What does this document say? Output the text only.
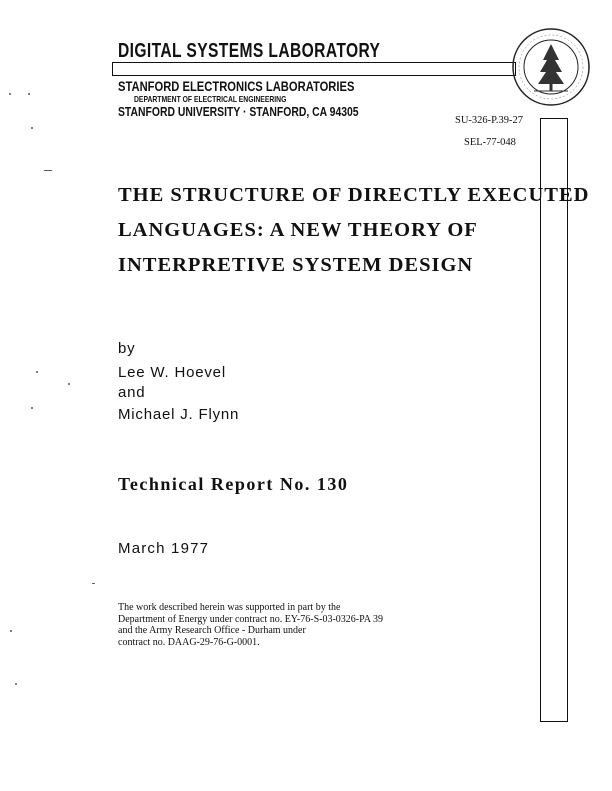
DIGITAL SYSTEMS LABORATORY
STANFORD ELECTRONICS LABORATORIES
DEPARTMENT OF ELECTRICAL ENGINEERING
STANFORD UNIVERSITY · STANFORD, CA 94305
SU-326-P.39-27
SEL-77-048
THE STRUCTURE OF DIRECTLY EXECUTED
LANGUAGES: A NEW THEORY OF
INTERPRETIVE SYSTEM DESIGN
by
Lee W. Hoevel
and
Michael J. Flynn
Technical Report No. 130
March 1977
The work described herein was supported in part by the
Department of Energy under contract no. EY-76-S-03-0326-PA 39
and the Army Research Office - Durham under
contract no. DAAG-29-76-G-0001.
